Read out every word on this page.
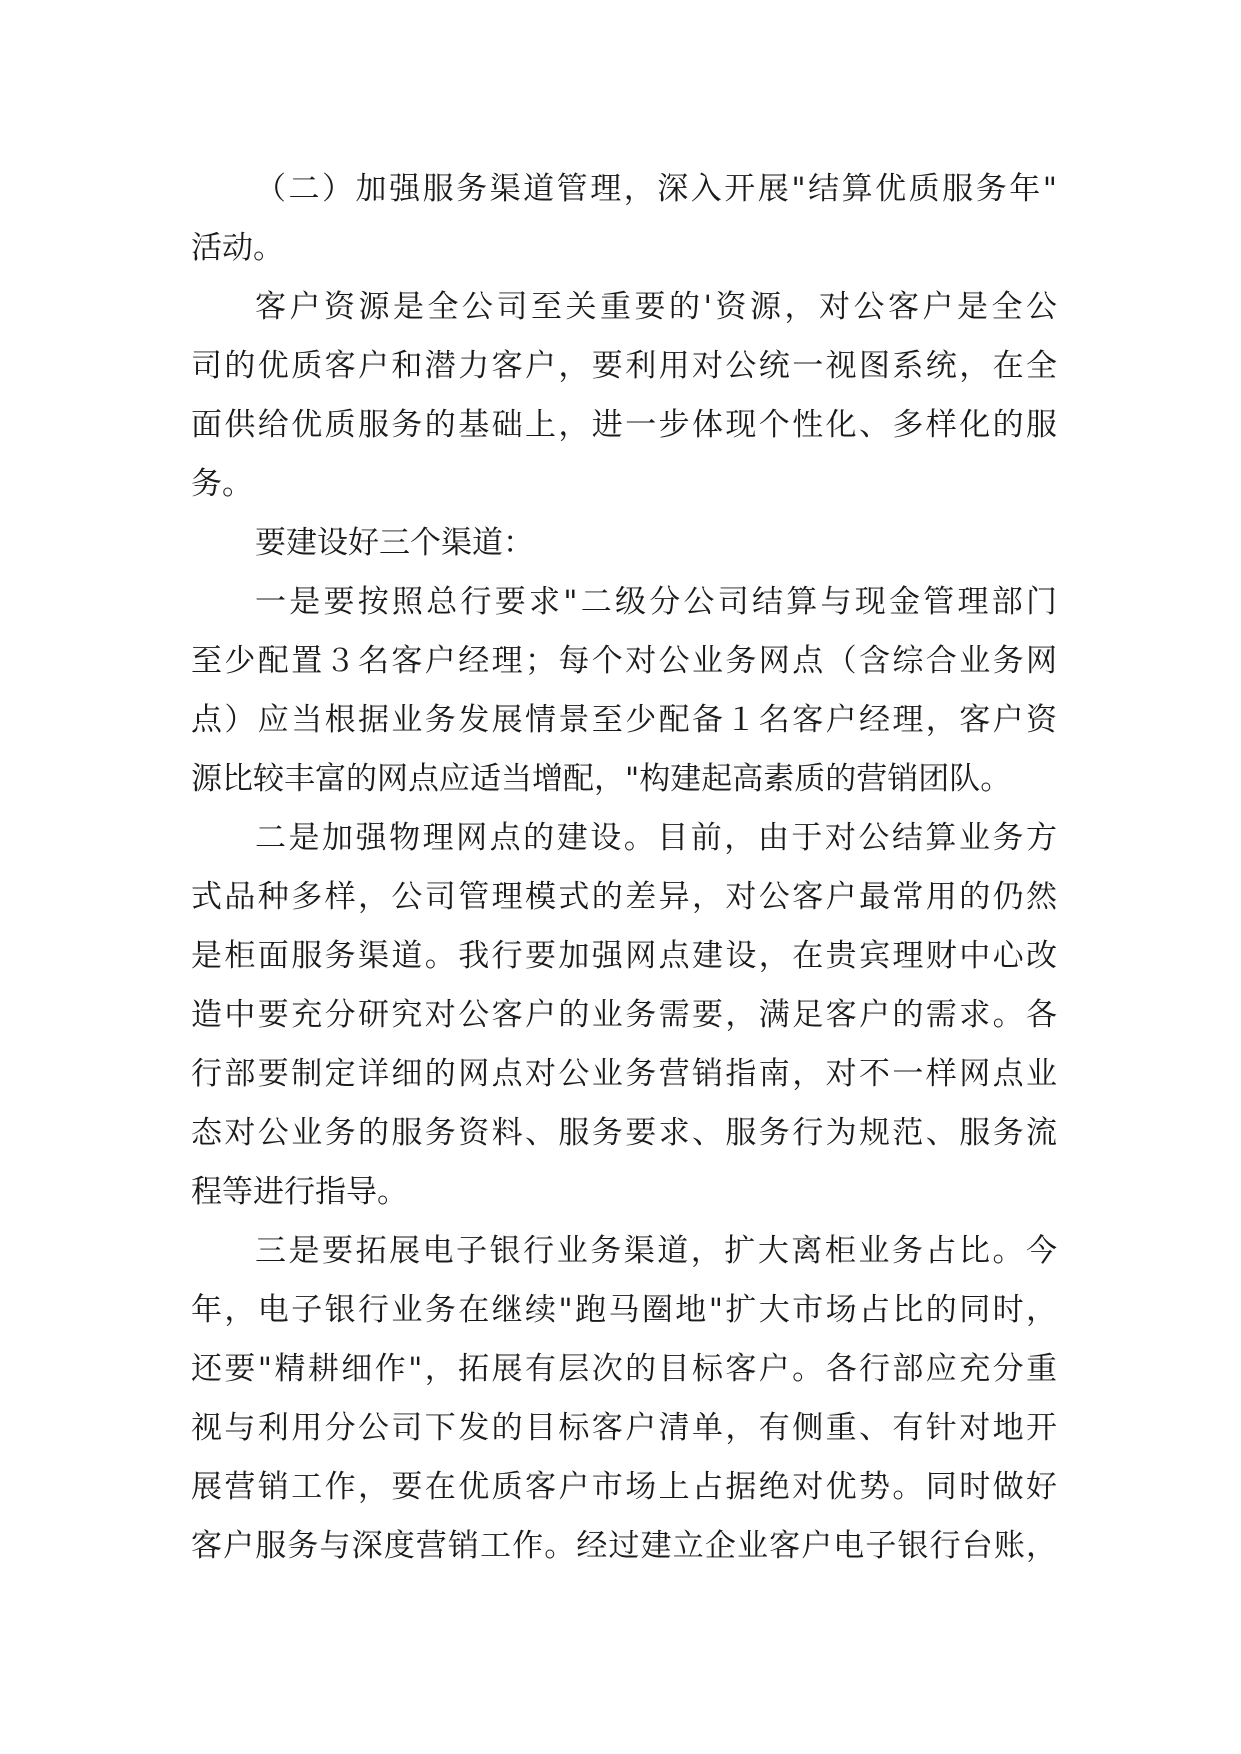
（二）加强服务渠道管理，深入开展"结算优质服务年"
活动。
客户资源是全公司至关重要的'资源，对公客户是全公
司的优质客户和潜力客户，要利用对公统一视图系统，在全
面供给优质服务的基础上，进一步体现个性化、多样化的服
务。
要建设好三个渠道：
一是要按照总行要求"二级分公司结算与现金管理部门
至少配置３名客户经理；每个对公业务网点（含综合业务网
点）应当根据业务发展情景至少配备１名客户经理，客户资
源比较丰富的网点应适当增配，"构建起高素质的营销团队。
二是加强物理网点的建设。目前，由于对公结算业务方
式品种多样，公司管理模式的差异，对公客户最常用的仍然
是柜面服务渠道。我行要加强网点建设，在贵宾理财中心改
造中要充分研究对公客户的业务需要，满足客户的需求。各
行部要制定详细的网点对公业务营销指南，对不一样网点业
态对公业务的服务资料、服务要求、服务行为规范、服务流
程等进行指导。
三是要拓展电子银行业务渠道，扩大离柜业务占比。今
年，电子银行业务在继续"跑马圈地"扩大市场占比的同时，
还要"精耕细作"，拓展有层次的目标客户。各行部应充分重
视与利用分公司下发的目标客户清单，有侧重、有针对地开
展营销工作，要在优质客户市场上占据绝对优势。同时做好
客户服务与深度营销工作。经过建立企业客户电子银行台账，
